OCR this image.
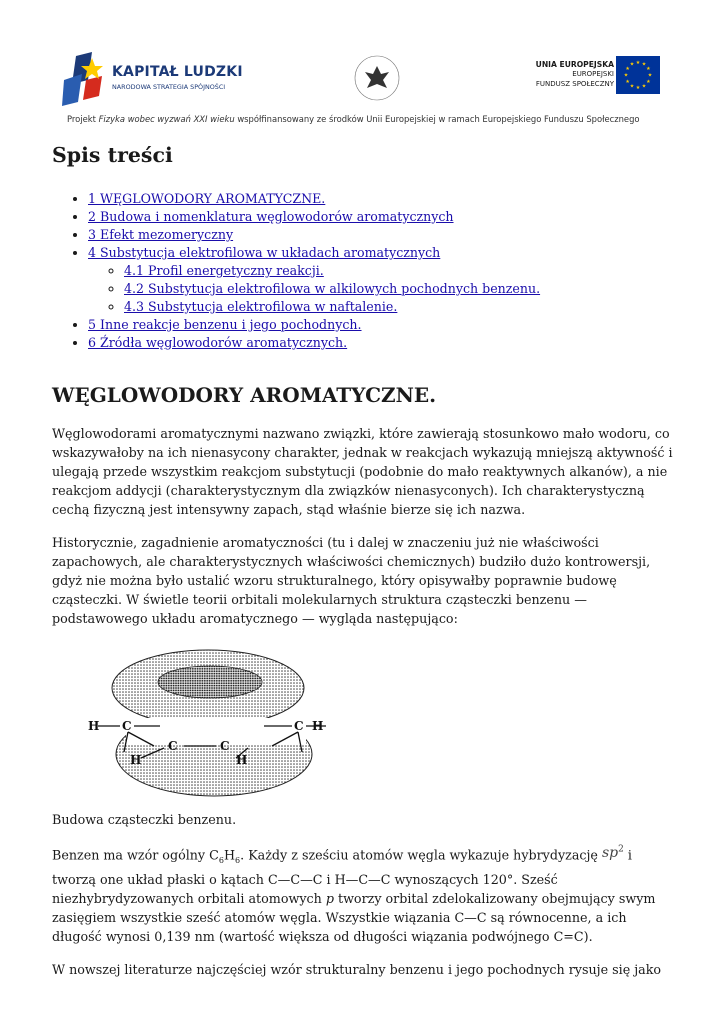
KAPITAŁ LUDZKI
NARODOWA STRATEGIA SPÓJNOŚCI
UNIA EUROPEJSKA
EUROPEJSKI
FUNDUSZ SPOŁECZNY
★ ★
★
★
★
★
★
★
★
★
★
★
Projekt Fizyka wobec wyzwań XXI wieku współfinansowany ze środków Unii Europejskiej w ramach Europejskiego Funduszu Społecznego
Spis treści
• 1 WĘGLOWODORY AROMATYCZNE.
• 2 Budowa i nomenklatura węglowodorów aromatycznych
• 3 Efekt mezomeryczny
• 4 Substytucja elektrofilowa w układach aromatycznych
◦ 4.1 Profil energetyczny reakcji.
◦ 4.2 Substytucja elektrofilowa w alkilowych pochodnych benzenu.
◦ 4.3 Substytucja elektrofilowa w naftalenie.
• 5 Inne reakcje benzenu i jego pochodnych.
• 6 Źródła węglowodorów aromatycznych.
WĘGLOWODORY AROMATYCZNE.

Węglowodorami aromatycznymi nazwano związki, które zawierają stosunkowo mało wodoru, co wskazywałoby na ich nienasycony charakter, jednak w reakcjach wykazują mniejszą aktywność i ulegają przede wszystkim reakcjom substytucji (podobnie do mało reaktywnych alkanów), a nie reakcjom addycji (charakterystycznym dla związków nienasyconych). Ich charakterystyczną cechą fizyczną jest intensywny zapach, stąd właśnie bierze się ich nazwa.

Historycznie, zagadnienie aromatyczności (tu i dalej w znaczeniu już nie właściwości zapachowych, ale charakterystycznych właściwości chemicznych) budziło dużo kontrowersji, gdyż nie można było ustalić wzoru strukturalnego, który opisywałby poprawnie budowę cząsteczki. W świetle teorii orbitali molekularnych struktura cząsteczki benzenu — podstawowego układu aromatycznego — wygląda następująco:

H C	C H
C	C
H	H

Budowa cząsteczki benzenu.

Benzen ma wzór ogólny $C_6H_6$. Każdy z sześciu atomów węgla wykazuje hybrydyzację $sp^2$ i tworzą one układ płaski o kątach C—C—C i H—C—C wynoszących 120°. Sześć niezhybrydyzowanych orbitali atomowych p tworzy orbital zdelokalizowany obejmujący swym zasięgiem wszystkie sześć atomów węgla. Wszystkie wiązania C—C są równocenne, a ich długość wynosi 0,139 nm (wartość większa od długości wiązania podwójnego C=C).

W nowszej literaturze najczęściej wzór strukturalny benzenu i jego pochodnych rysuje się jako
